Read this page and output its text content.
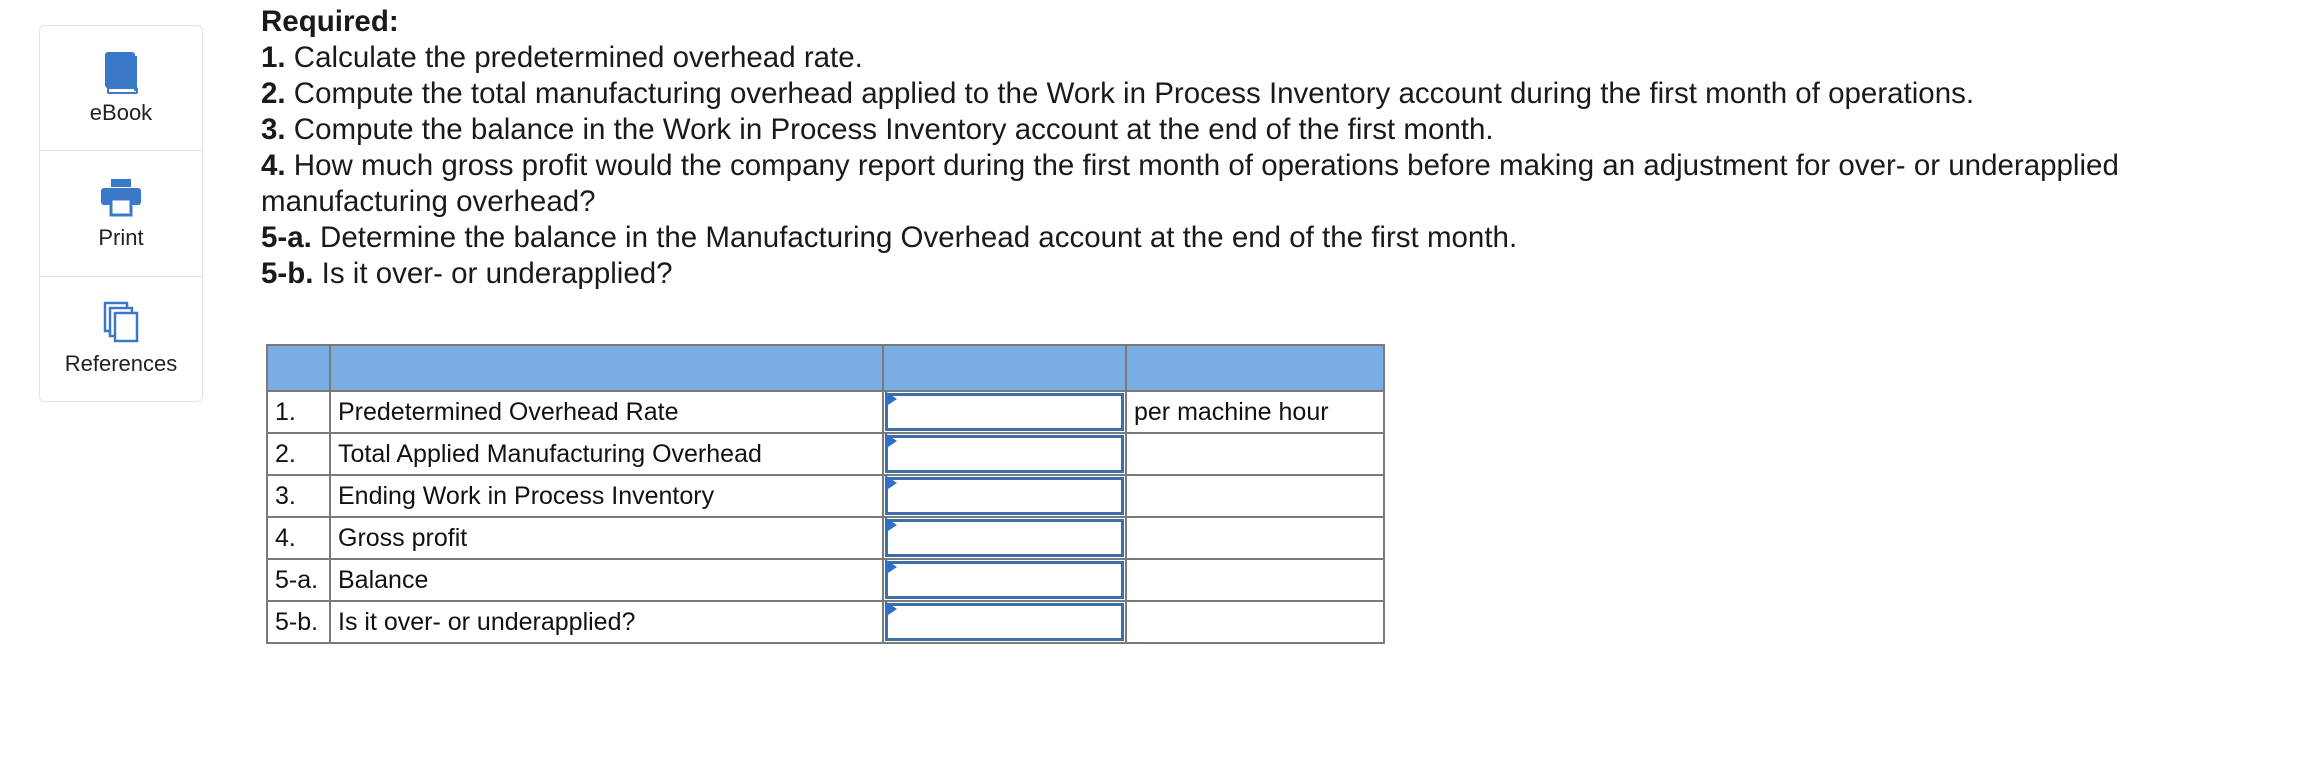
eBook
Print
References

Required:

1. Calculate the predetermined overhead rate.

2. Compute the total manufacturing overhead applied to the Work in Process Inventory account during the first month of operations.

3. Compute the balance in the Work in Process Inventory account at the end of the first month.

4. How much gross profit would the company report during the first month of operations before making an adjustment for over- or underapplied manufacturing overhead?

5-a. Determine the balance in the Manufacturing Overhead account at the end of the first month.

5-b. Is it over- or underapplied?

1.	Predetermined Overhead Rate		per machine hour
2.	Total Applied Manufacturing Overhead	

3.	Ending Work in Process Inventory	

4.	Gross profit	

5-a.	Balance	

5-b.	Is it over- or underapplied?	
